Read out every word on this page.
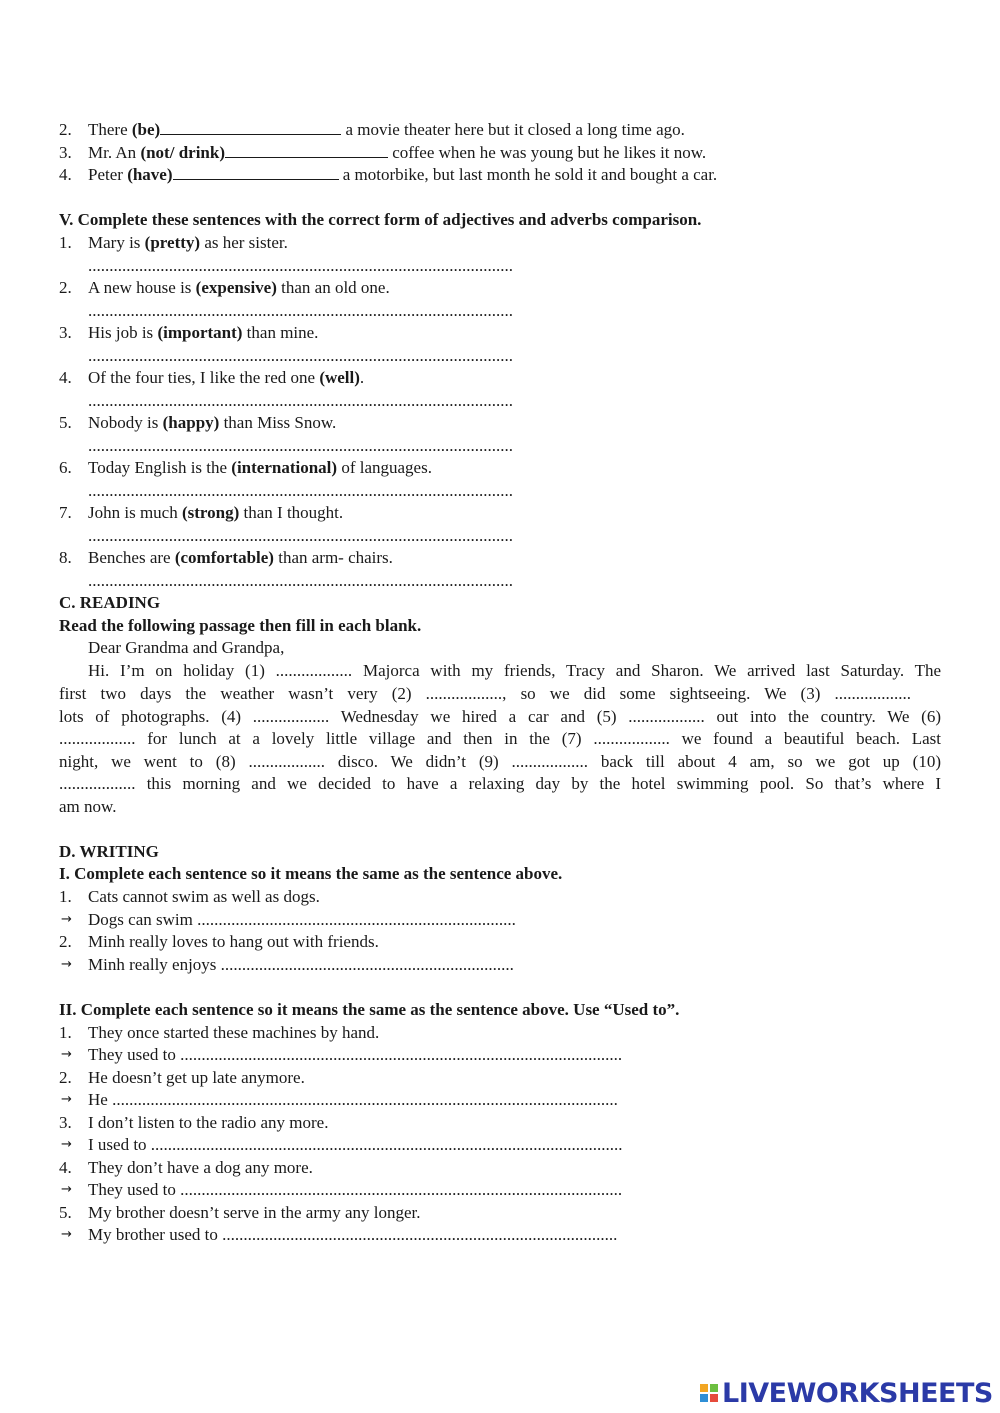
2. There (be)	a movie theater here but it closed a long time ago.
3. Mr. An (not/ drink)	coffee when he was young but he likes it now.
4. Peter (have)	a motorbike, but last month he sold it and bought a car.
V. Complete these sentences with the correct form of adjectives and adverbs comparison.
1. Mary is (pretty) as her sister.
....................................................................................................
2. A new house is (expensive) than an old one.
....................................................................................................
3. His job is (important) than mine.
....................................................................................................
4. Of the four ties, I like the red one (well).
....................................................................................................
5. Nobody is (happy) than Miss Snow.
....................................................................................................
6. Today English is the (international) of languages.
....................................................................................................
7. John is much (strong) than I thought.
....................................................................................................
8. Benches are (comfortable) than arm- chairs.
....................................................................................................
C. READING
Read the following passage then fill in each blank.
Dear Grandma and Grandpa,
Hi. I’m on holiday (1) .................. Majorca with my friends, Tracy and Sharon. We arrived last Saturday. The
first two days the weather wasn’t very (2) .................., so we did some sightseeing. We (3) ..................
lots of photographs. (4) .................. Wednesday we hired a car and (5) .................. out into the country. We (6)
.................. for lunch at a lovely little village and then in the (7) .................. we found a beautiful beach. Last
night, we went to (8) .................. disco. We didn’t (9) .................. back till about 4 am, so we got up (10)
.................. this morning and we decided to have a relaxing day by the hotel swimming pool. So that’s where I
am now.
D. WRITING
I. Complete each sentence so it means the same as the sentence above.
1. Cats cannot swim as well as dogs.
→ Dogs can swim ...........................................................................
2. Minh really loves to hang out with friends.
→ Minh really enjoys .....................................................................
II. Complete each sentence so it means the same as the sentence above. Use “Used to”.
1. They once started these machines by hand.
→ They used to ........................................................................................................
2. He doesn’t get up late anymore.
→ He .......................................................................................................................
3. I don’t listen to the radio any more.
→ I used to ...............................................................................................................
4. They don’t have a dog any more.
→ They used to ........................................................................................................
5. My brother doesn’t serve in the army any longer.
→ My brother used to .............................................................................................
LIVEWORKSHEETS
